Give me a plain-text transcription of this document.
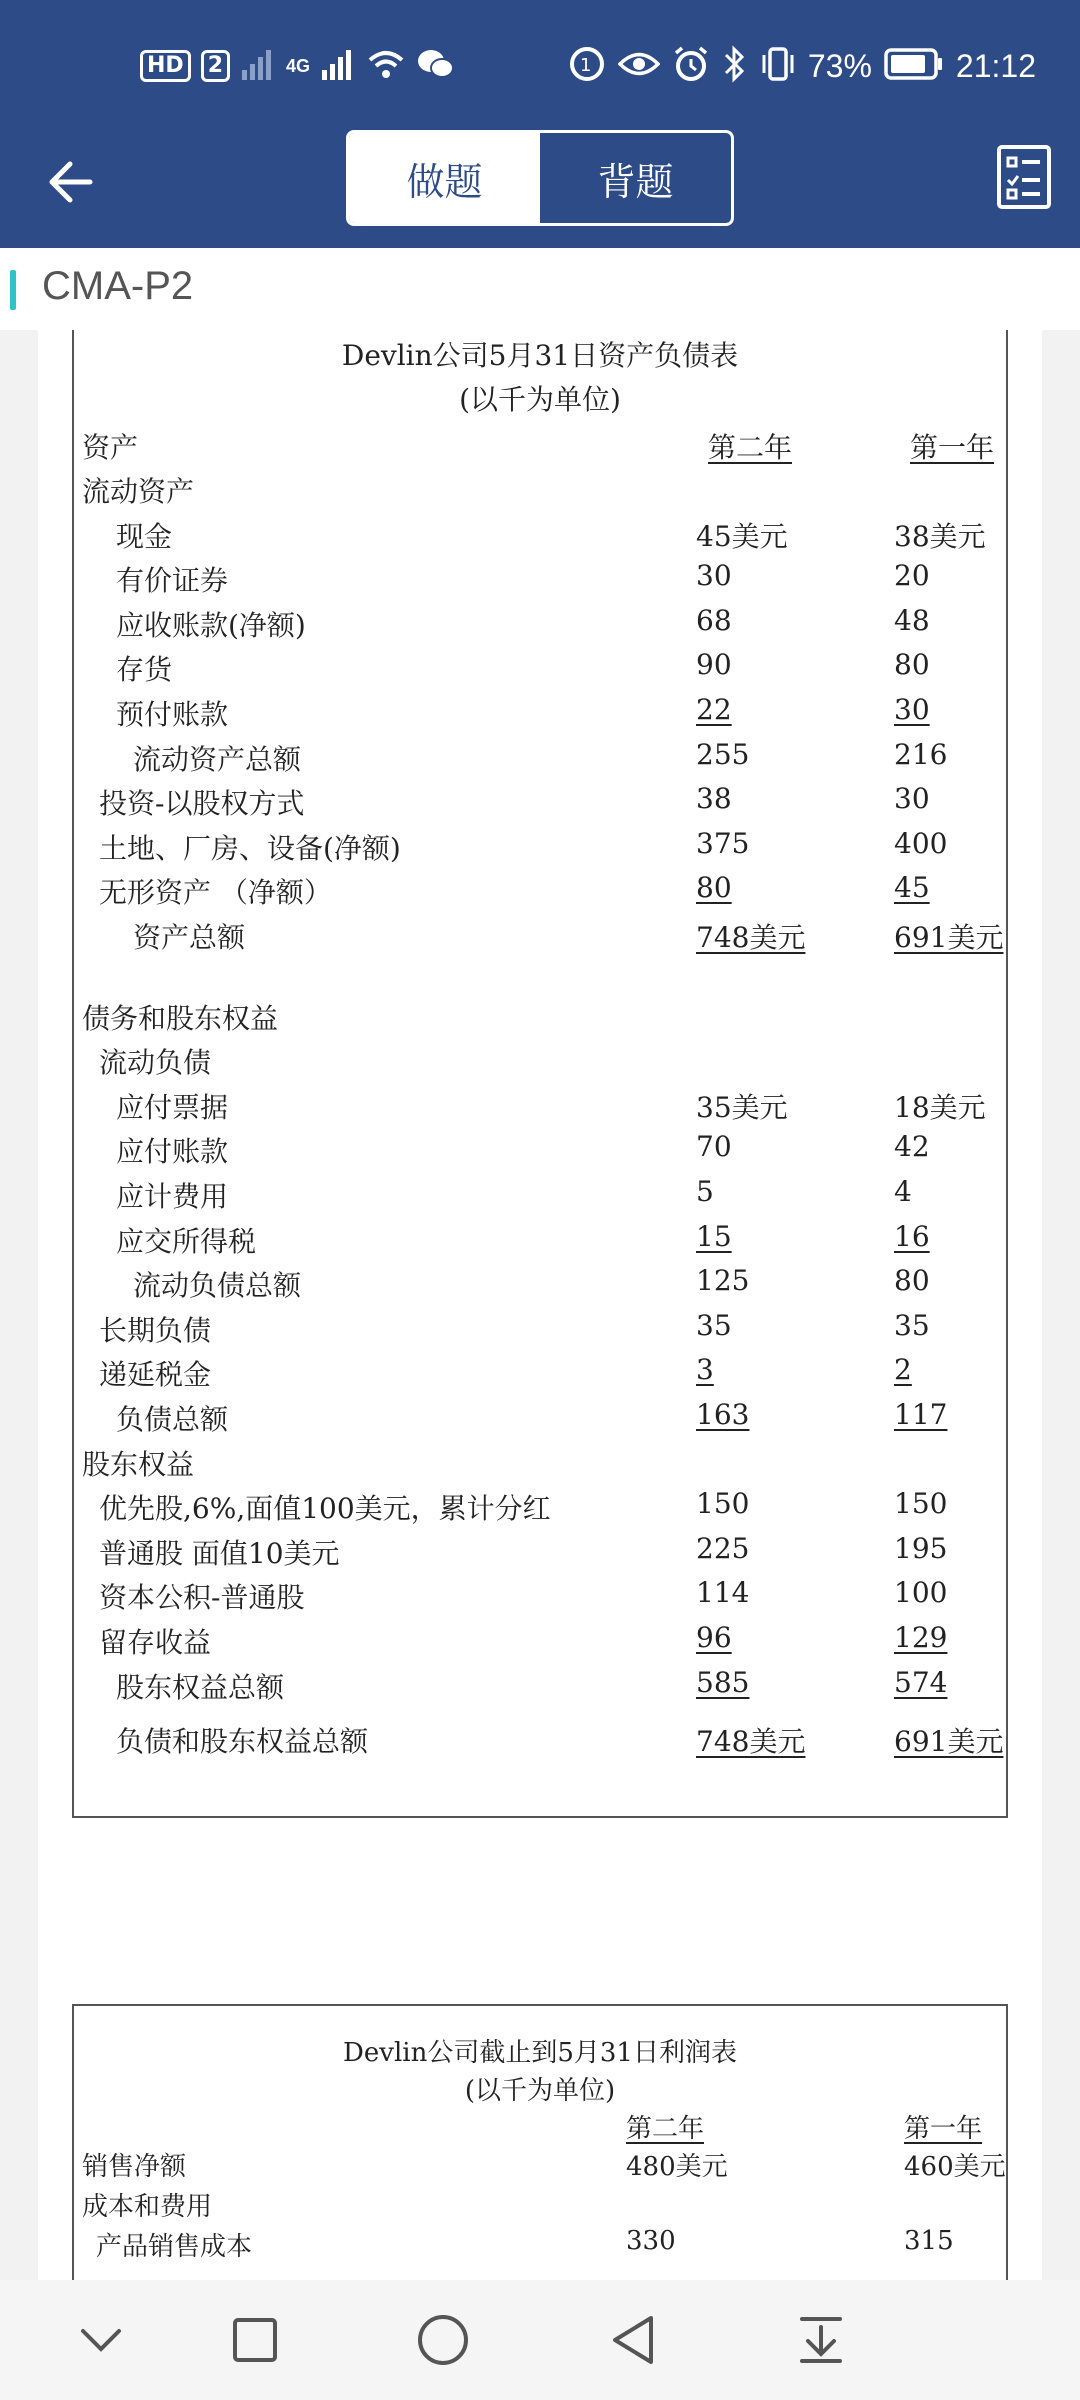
HD	2	4G	1	73%	21:12
做题	背题
CMA-P2
Devlin公司5月31日资产负债表
(以千为单位)
资产	第二年	第一年
流动资产
现金	45美元	38美元
有价证券	30	20
应收账款(净额)	68	48
存货	90	80
预付账款	22	30
流动资产总额	255	216
投资-以股权方式	38	30
土地、厂房、设备(净额)	375	400
无形资产 （净额）	80	45
资产总额	748美元	691美元
债务和股东权益
流动负债
应付票据	35美元	18美元
应付账款	70	42
应计费用	5	4
应交所得税	15	16
流动负债总额	125	80
长期负债	35	35
递延税金	3	2
负债总额	163	117
股东权益
优先股,6%,面值100美元，累计分红	150	150
普通股 面值10美元	225	195
资本公积-普通股	114	100
留存收益	96	129
股东权益总额	585	574
负债和股东权益总额	748美元	691美元
Devlin公司截止到5月31日利润表
(以千为单位)
第二年	第一年
销售净额	480美元	460美元
成本和费用
产品销售成本	330	315
